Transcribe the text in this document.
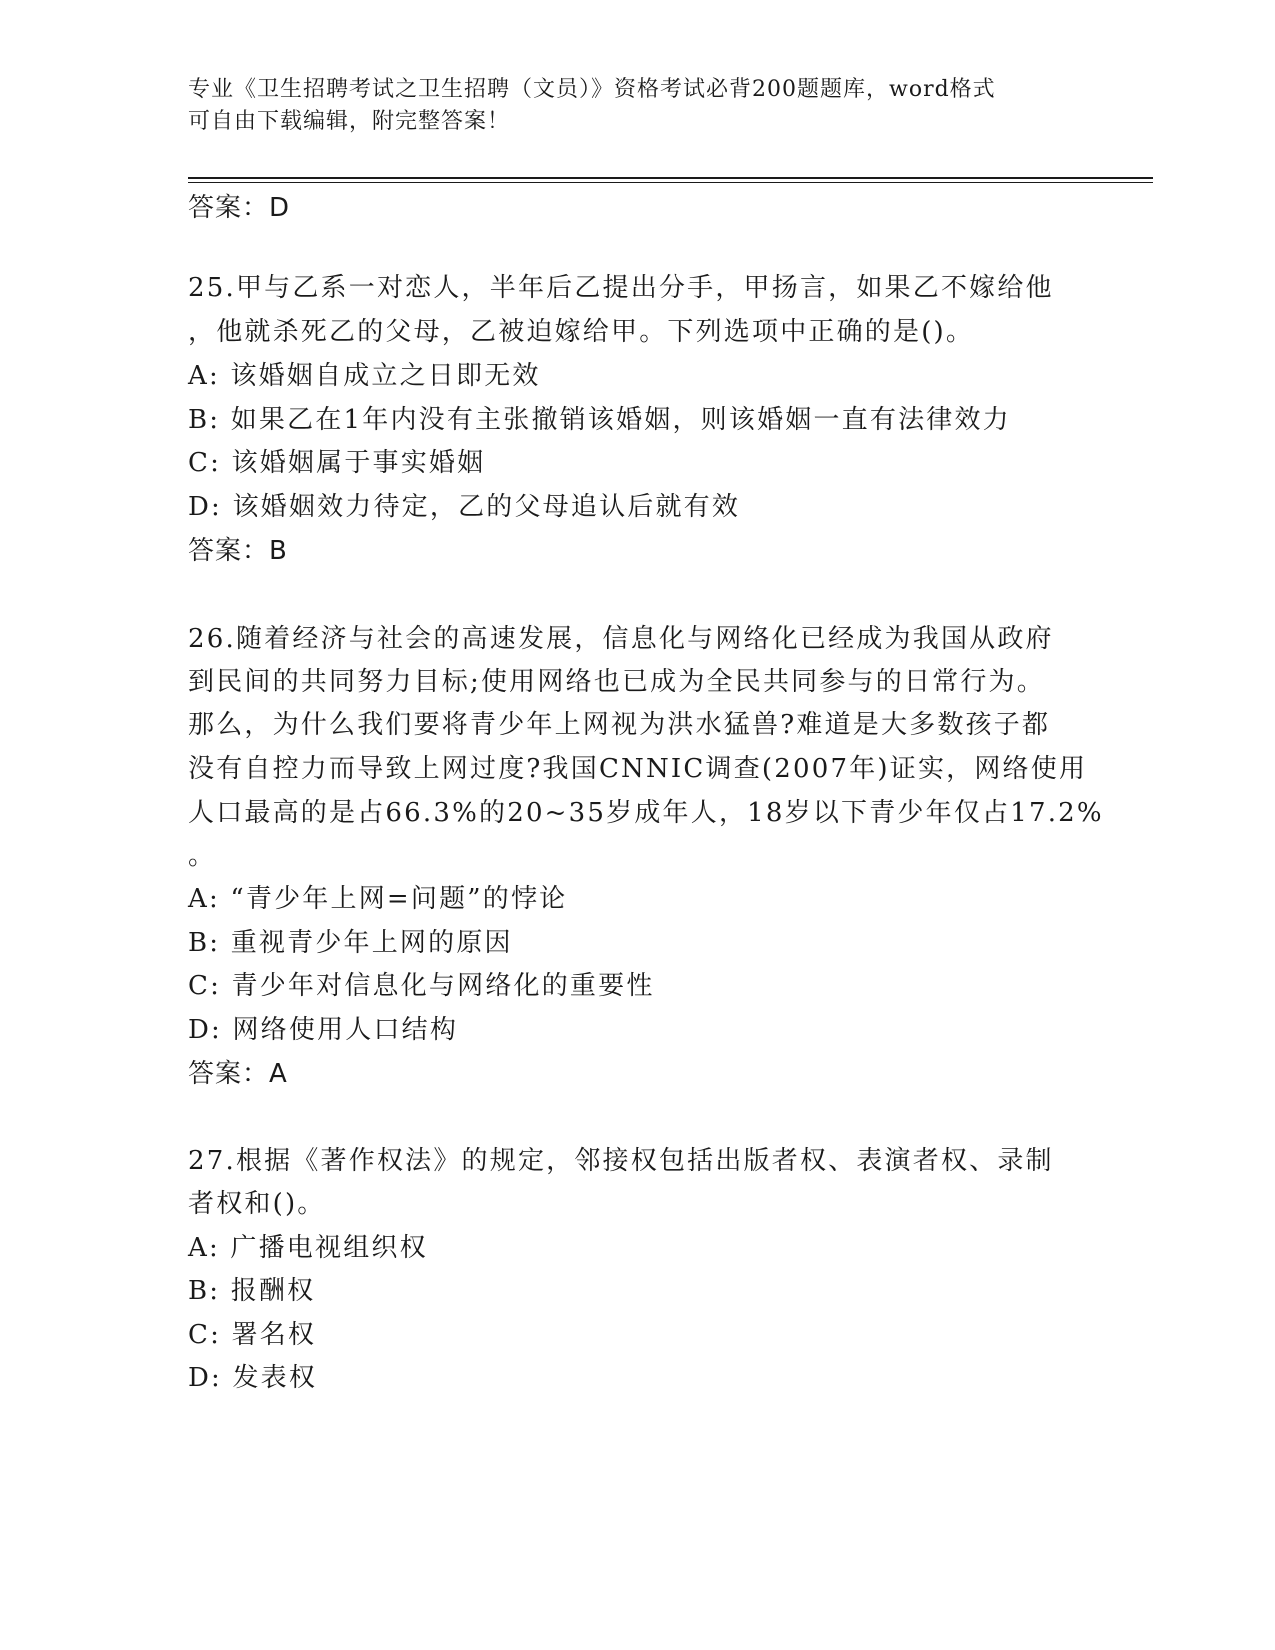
专业《卫生招聘考试之卫生招聘（文员）》资格考试必背200题题库，word格式
可自由下载编辑，附完整答案！
答案：D
25.甲与乙系一对恋人，半年后乙提出分手，甲扬言，如果乙不嫁给他
，他就杀死乙的父母，乙被迫嫁给甲。下列选项中正确的是()。
A: 该婚姻自成立之日即无效
B: 如果乙在1年内没有主张撤销该婚姻，则该婚姻一直有法律效力
C: 该婚姻属于事实婚姻
D: 该婚姻效力待定，乙的父母追认后就有效
答案：B
26.随着经济与社会的高速发展，信息化与网络化已经成为我国从政府
到民间的共同努力目标;使用网络也已成为全民共同参与的日常行为。
那么，为什么我们要将青少年上网视为洪水猛兽?难道是大多数孩子都
没有自控力而导致上网过度?我国CNNIC调查(2007年)证实，网络使用
人口最高的是占66.3%的20~35岁成年人，18岁以下青少年仅占17.2%
。
A: “青少年上网=问题”的悖论
B: 重视青少年上网的原因
C: 青少年对信息化与网络化的重要性
D: 网络使用人口结构
答案：A
27.根据《著作权法》的规定，邻接权包括出版者权、表演者权、录制
者权和()。
A: 广播电视组织权
B: 报酬权
C: 署名权
D: 发表权
